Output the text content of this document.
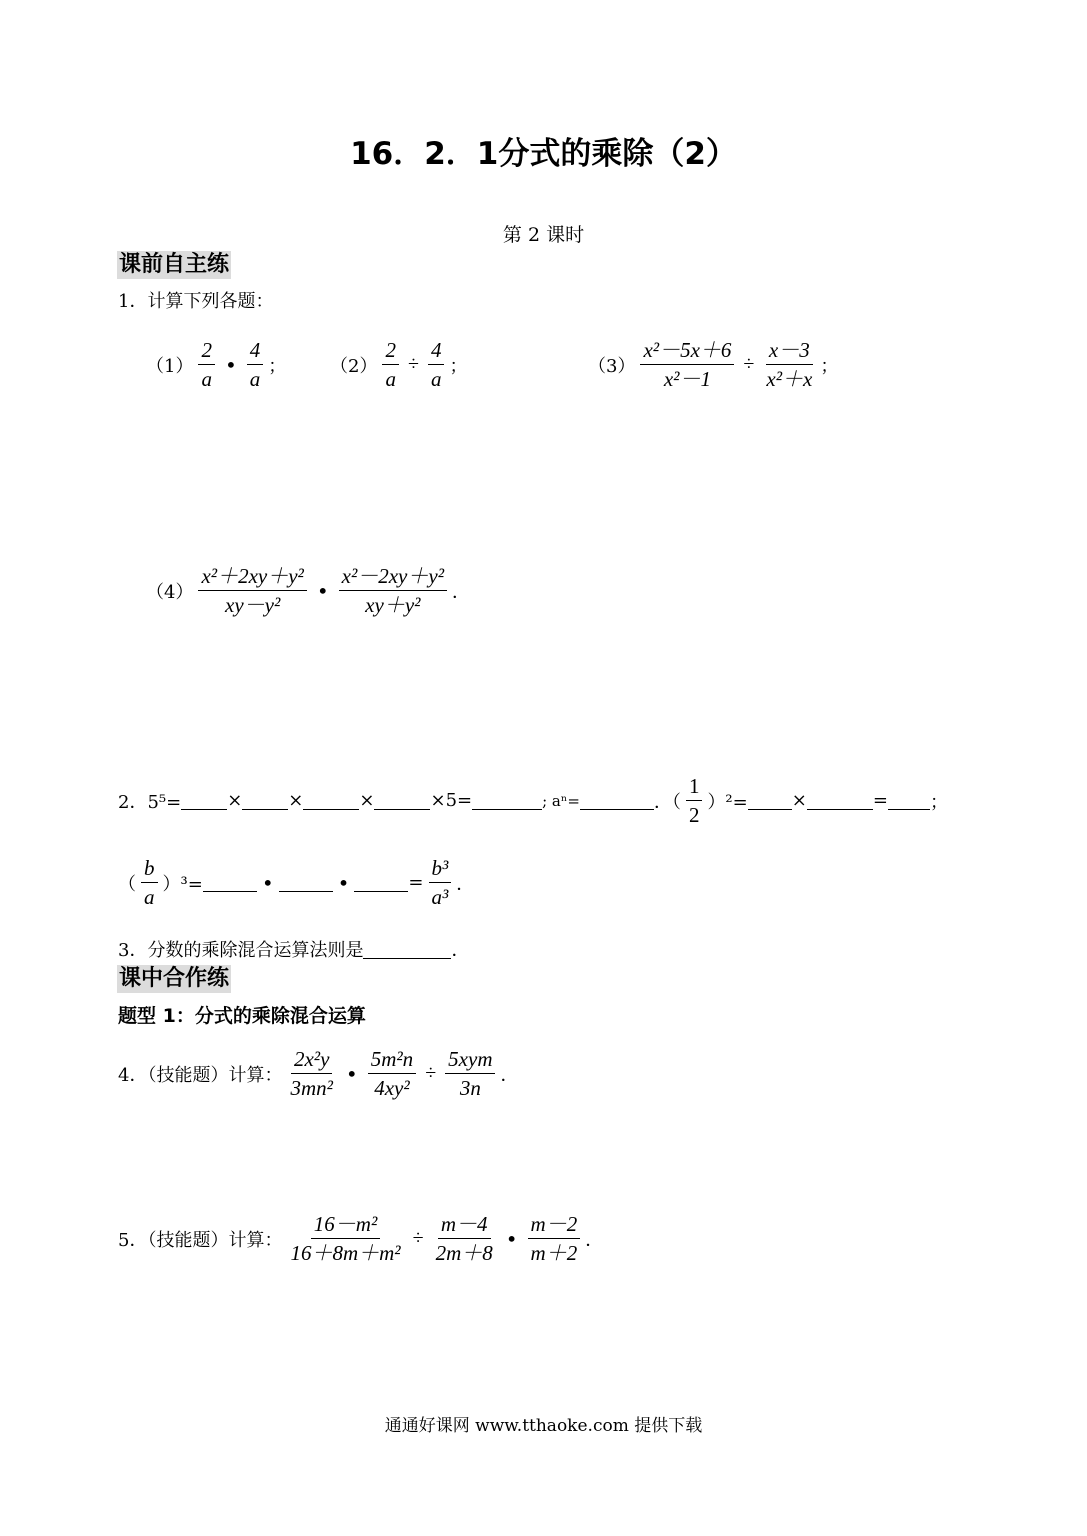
16．2．1分式的乘除（2）
第 2 课时
课前自主练
1．计算下列各题：
$(1) \frac{2}{a}$ • $\frac{4}{a}$ ； $(2) \frac{2}{a} \div \frac{4}{a}$ ；	$(3) \frac{\text{x²－5x＋6}}{\text{x²－1}} \div \frac{x-3}{\text{x²＋x}}$ ；
$(4) \frac{\text{x²＋2xy＋y²}}{\text{xy－y²}}$ • $\frac{\text{x²－2xy＋y²}}{\text{xy＋y²}}$ ．
2．5⁵=	×	×	×	×5=	; aⁿ=	．（ $\frac{1}{2} )^2=$ ×	= ；
（ $\frac{b}{a} )^3=$	•	•	= $\frac{\text{b³}}{\text{a³}}$ ．
3．分数的乘除混合运算法则是	．
课中合作练
题型 1：分式的乘除混合运算
4．（技能题）计算： $\frac{\text{2x²y}}{\text{3mn²}}$ • $\frac{\text{5m²n}}{\text{4xy²}} \div \frac{\text{5xym}}{3n}$ ．
5．（技能题）计算： $\frac{\text{16－m²}}{\text{16＋8m＋m²}} \div \frac{m-4}{2m+8}$ • $\frac{m-2}{m+2}$ ．
通通好课网 www.tthaoke.com 提供下载
